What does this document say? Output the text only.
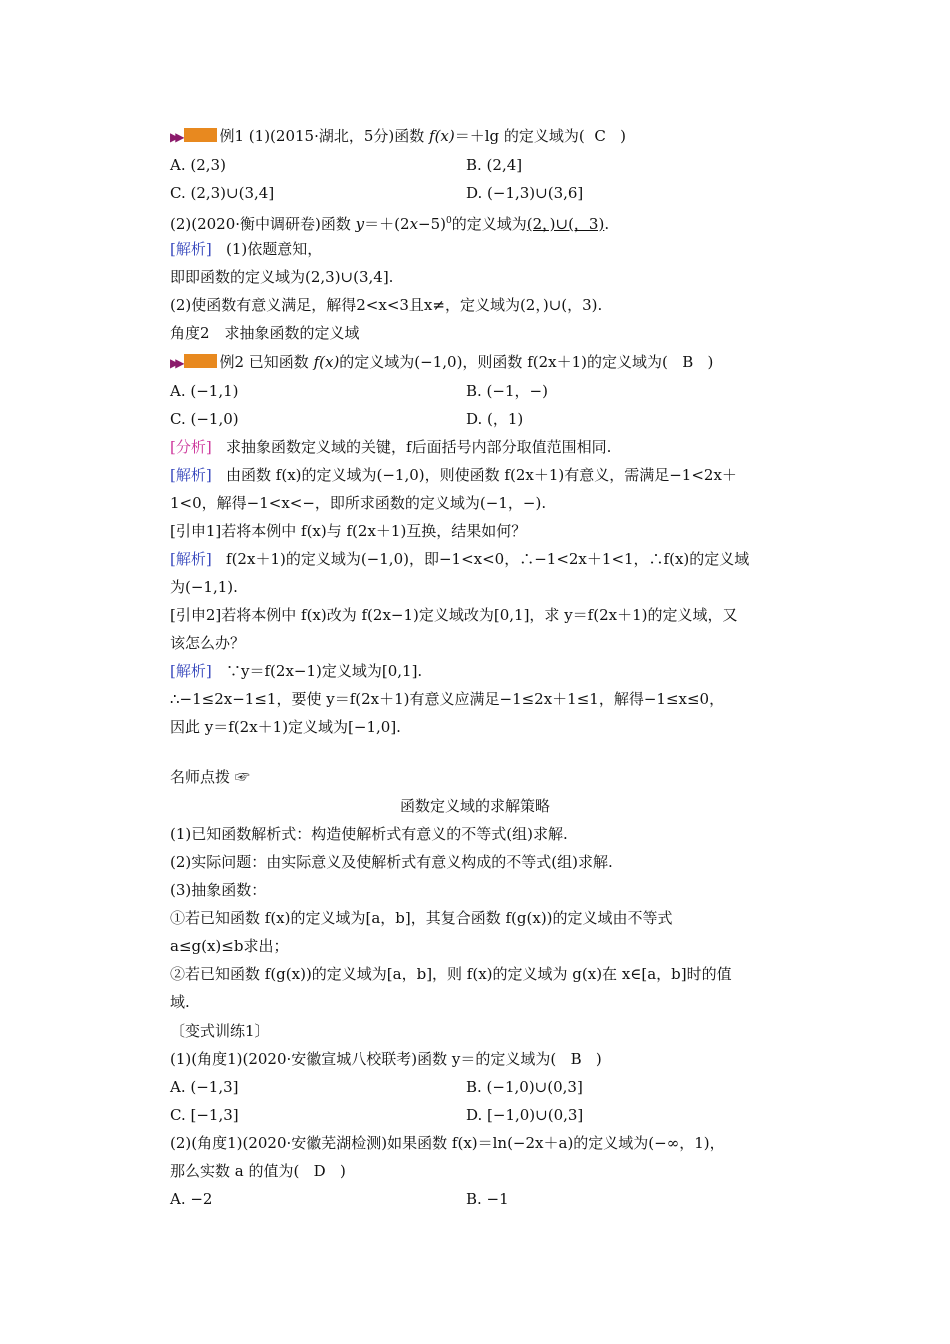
▶▶	例1 (1)(2015·湖北，5分)函数 f(x)＝＋lg 的定义域为( C )
A. (2,3)	B. (2,4]
C. (2,3)∪(3,4]	D. (−1,3)∪(3,6]
(2)(2020·衡中调研卷)函数 $y=+(2x-5)^0$的定义域为(2，)∪(，3).
[解析] (1)依题意知，
即即函数的定义域为(2,3)∪(3,4].
(2)使函数有意义满足，解得2<x<3且x≠，定义域为(2，)∪(，3).
角度2　求抽象函数的定义域
▶▶	例2 已知函数 f(x)的定义域为(−1,0)，则函数 f(2x＋1)的定义域为( B )
A. (−1,1)	B. (−1，−)
C. (−1,0)	D. (，1)
[分析] 求抽象函数定义域的关键，f后面括号内部分取值范围相同.
[解析] 由函数 f(x)的定义域为(−1,0)，则使函数 f(2x＋1)有意义，需满足−1<2x＋
1<0，解得−1<x<−，即所求函数的定义域为(−1，−).
[引申1]若将本例中 f(x)与 f(2x＋1)互换，结果如何？
[解析] f(2x＋1)的定义域为(−1,0)，即−1<x<0，∴−1<2x＋1<1，∴f(x)的定义域
为(−1,1).
[引申2]若将本例中 f(x)改为 f(2x−1)定义域改为[0,1]，求 y＝f(2x＋1)的定义域，又
该怎么办？
[解析] ∵y＝f(2x−1)定义域为[0,1].
∴−1≤2x−1≤1，要使 y＝f(2x＋1)有意义应满足−1≤2x＋1≤1，解得−1≤x≤0，
因此 y＝f(2x＋1)定义域为[−1,0].
名师点拨 ☞
函数定义域的求解策略
(1)已知函数解析式：构造使解析式有意义的不等式(组)求解.
(2)实际问题：由实际意义及使解析式有意义构成的不等式(组)求解.
(3)抽象函数：
①若已知函数 f(x)的定义域为[a，b]，其复合函数 f(g(x))的定义域由不等式
a≤g(x)≤b求出；
②若已知函数 f(g(x))的定义域为[a，b]，则 f(x)的定义域为 g(x)在 x∈[a，b]时的值
域.
〔变式训练1〕
(1)(角度1)(2020·安徽宣城八校联考)函数 y＝的定义域为( B )
A. (−1,3]	B. (−1,0)∪(0,3]
C. [−1,3]	D. [−1,0)∪(0,3]
(2)(角度1)(2020·安徽芜湖检测)如果函数 f(x)＝ln(−2x＋a)的定义域为(−∞，1)，
那么实数 a 的值为( D )
A. −2	B. −1
